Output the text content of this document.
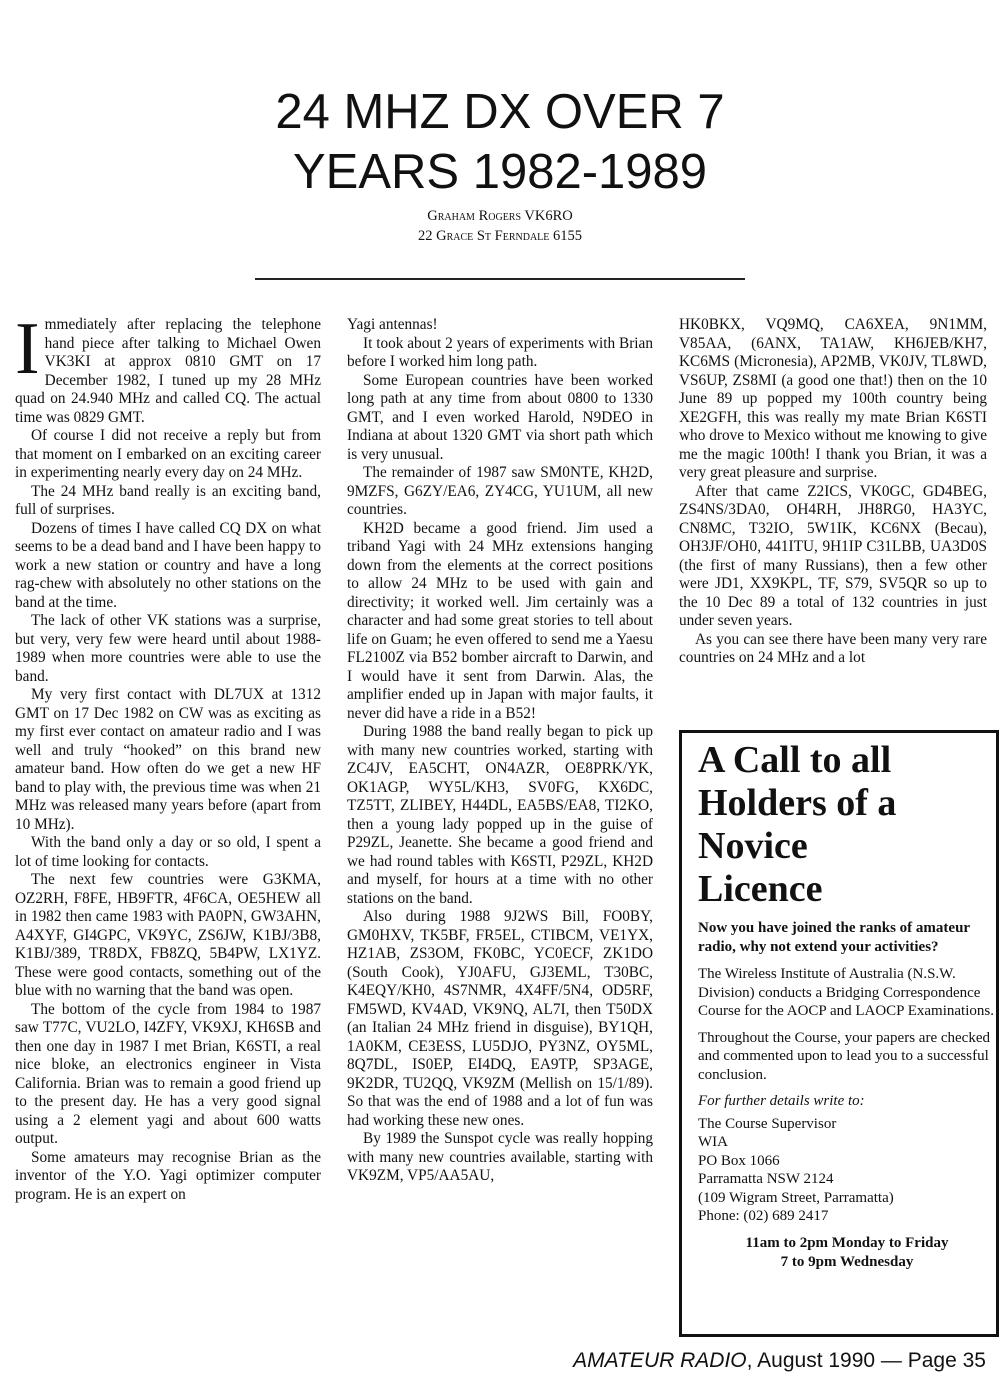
24 MHZ DX OVER 7
YEARS 1982-1989
Graham Rogers VK6RO
22 Grace St Ferndale 6155

Immediately after replacing the telephone hand piece after talking to Michael Owen VK3KI at approx 0810 GMT on 17 December 1982, I tuned up my 28 MHz quad on 24.940 MHz and called CQ. The actual time was 0829 GMT.

Of course I did not receive a reply but from that moment on I embarked on an exciting career in experimenting nearly every day on 24 MHz.

The 24 MHz band really is an exciting band, full of surprises.

Dozens of times I have called CQ DX on what seems to be a dead band and I have been happy to work a new station or country and have a long rag-chew with absolutely no other stations on the band at the time.

The lack of other VK stations was a surprise, but very, very few were heard until about 1988-1989 when more countries were able to use the band.

My very first contact with DL7UX at 1312 GMT on 17 Dec 1982 on CW was as exciting as my first ever contact on amateur radio and I was well and truly “hooked” on this brand new amateur band. How often do we get a new HF band to play with, the previous time was when 21 MHz was released many years before (apart from 10 MHz).

With the band only a day or so old, I spent a lot of time looking for contacts.

The next few countries were G3KMA, OZ2RH, F8FE, HB9FTR, 4F6CA, OE5HEW all in 1982 then came 1983 with PA0PN, GW3AHN, A4XYF, GI4GPC, VK9YC, ZS6JW, K1BJ/3B8, K1BJ/389, TR8DX, FB8ZQ, 5B4PW, LX1YZ. These were good contacts, something out of the blue with no warning that the band was open.

The bottom of the cycle from 1984 to 1987 saw T77C, VU2LO, I4ZFY, VK9XJ, KH6SB and then one day in 1987 I met Brian, K6STI, a real nice bloke, an electronics engineer in Vista California. Brian was to remain a good friend up to the present day. He has a very good signal using a 2 element yagi and about 600 watts output.

Some amateurs may recognise Brian as the inventor of the Y.O. Yagi optimizer computer program. He is an expert on

Yagi antennas!

It took about 2 years of experiments with Brian before I worked him long path.

Some European countries have been worked long path at any time from about 0800 to 1330 GMT, and I even worked Harold, N9DEO in Indiana at about 1320 GMT via short path which is very unusual.

The remainder of 1987 saw SM0NTE, KH2D, 9MZFS, G6ZY/EA6, ZY4CG, YU1UM, all new countries.

KH2D became a good friend. Jim used a triband Yagi with 24 MHz extensions hanging down from the elements at the correct positions to allow 24 MHz to be used with gain and directivity; it worked well. Jim certainly was a character and had some great stories to tell about life on Guam; he even offered to send me a Yaesu FL2100Z via B52 bomber aircraft to Darwin, and I would have it sent from Darwin. Alas, the amplifier ended up in Japan with major faults, it never did have a ride in a B52!

During 1988 the band really began to pick up with many new countries worked, starting with ZC4JV, EA5CHT, ON4AZR, OE8PRK/YK, OK1AGP, WY5L/KH3, SV0FG, KX6DC, TZ5TT, ZLIBEY, H44DL, EA5BS/EA8, TI2KO, then a young lady popped up in the guise of P29ZL, Jeanette. She became a good friend and we had round tables with K6STI, P29ZL, KH2D and myself, for hours at a time with no other stations on the band.

Also during 1988 9J2WS Bill, FO0BY, GM0HXV, TK5BF, FR5EL, CTIBCM, VE1YX, HZ1AB, ZS3OM, FK0BC, YC0ECF, ZK1DO (South Cook), YJ0AFU, GJ3EML, T30BC, K4EQY/KH0, 4S7NMR, 4X4FF/5N4, OD5RF, FM5WD, KV4AD, VK9NQ, AL7I, then T50DX (an Italian 24 MHz friend in disguise), BY1QH, 1A0KM, CE3ESS, LU5DJO, PY3NZ, OY5ML, 8Q7DL, IS0EP, EI4DQ, EA9TP, SP3AGE, 9K2DR, TU2QQ, VK9ZM (Mellish on 15/1/89). So that was the end of 1988 and a lot of fun was had working these new ones.

By 1989 the Sunspot cycle was really hopping with many new countries available, starting with VK9ZM, VP5/AA5AU,

HK0BKX, VQ9MQ, CA6XEA, 9N1MM, V85AA, (6ANX, TA1AW, KH6JEB/KH7, KC6MS (Micronesia), AP2MB, VK0JV, TL8WD, VS6UP, ZS8MI (a good one that!) then on the 10 June 89 up popped my 100th country being XE2GFH, this was really my mate Brian K6STI who drove to Mexico without me knowing to give me the magic 100th! I thank you Brian, it was a very great pleasure and surprise.

After that came Z2ICS, VK0GC, GD4BEG, ZS4NS/3DA0, OH4RH, JH8RG0, HA3YC, CN8MC, T32IO, 5W1IK, KC6NX (Becau), OH3JF/OH0, 441ITU, 9H1IP C31LBB, UA3D0S (the first of many Russians), then a few other were JD1, XX9KPL, TF, S79, SV5QR so up to the 10 Dec 89 a total of 132 countries in just under seven years.

As you can see there have been many very rare countries on 24 MHz and a lot

A Call to all
Holders of a
Novice
Licence
Now you have joined the ranks of amateur radio, why not extend your activities?

The Wireless Institute of Australia (N.S.W. Division) conducts a Bridging Correspondence Course for the AOCP and LAOCP Examinations.

Throughout the Course, your papers are checked and commented upon to lead you to a successful conclusion.

For further details write to:

The Course Supervisor
WIA
PO Box 1066
Parramatta NSW 2124
(109 Wigram Street, Parramatta)
Phone: (02) 689 2417
11am to 2pm Monday to Friday
7 to 9pm Wednesday
AMATEUR RADIO, August 1990 — Page 35
